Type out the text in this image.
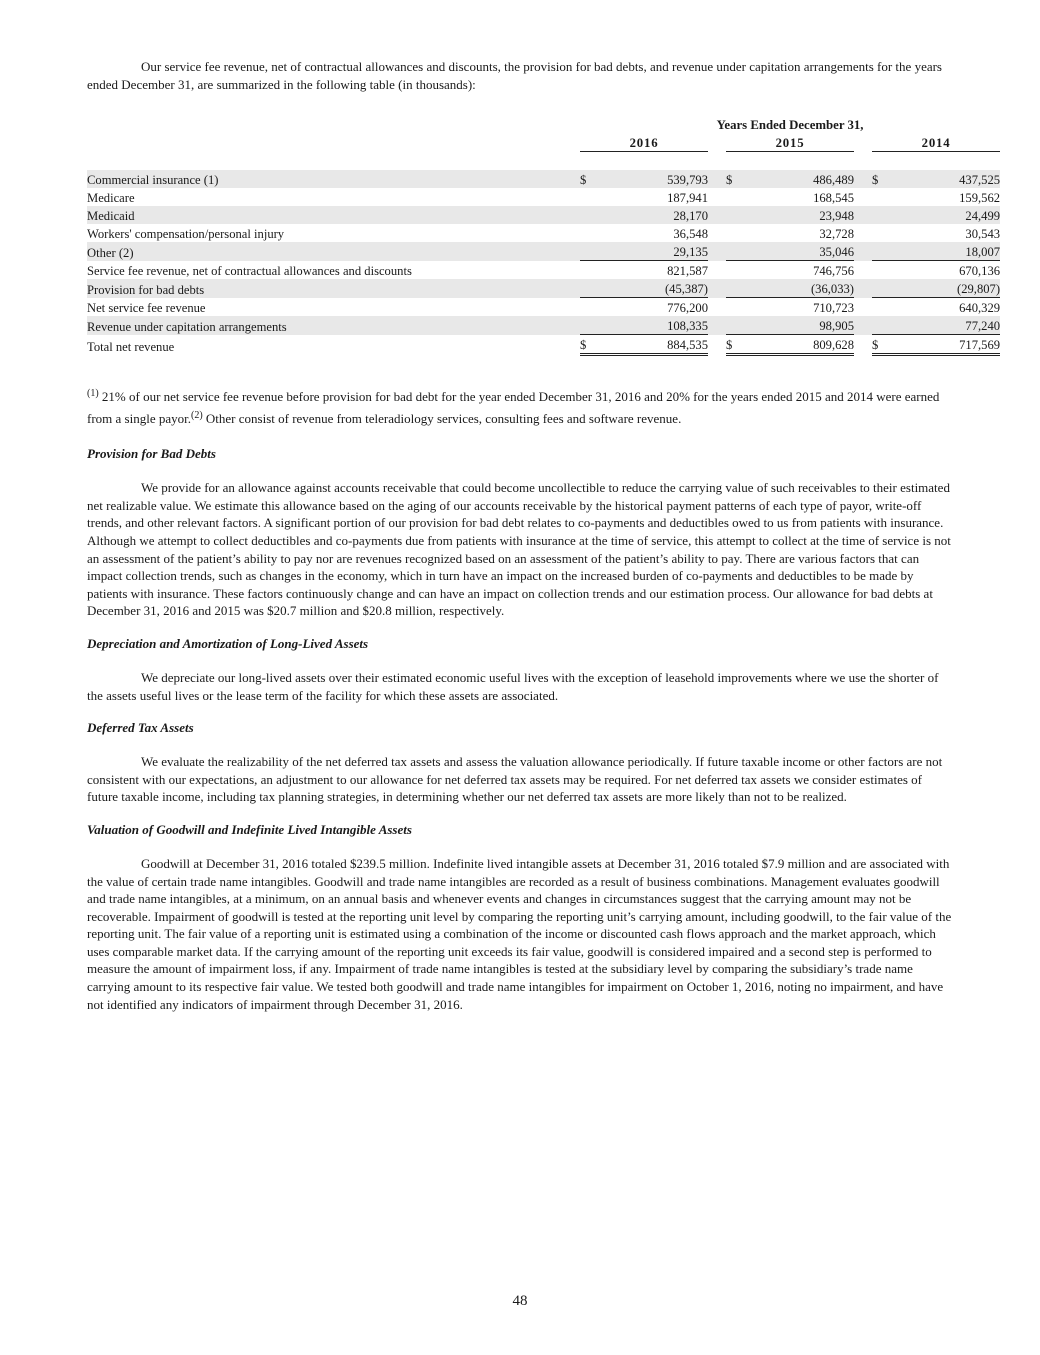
Our service fee revenue, net of contractual allowances and discounts, the provision for bad debts, and revenue under capitation arrangements for the years ended December 31, are summarized in the following table (in thousands):

	Years Ended December 31,							
	2016			2015			2014	

Commercial insurance (1)	$	539,793		$	486,489		$	437,525
Medicare		187,941			168,545			159,562
Medicaid		28,170			23,948			24,499
Workers' compensation/personal injury		36,548			32,728			30,543
Other (2)		29,135			35,046			18,007
Service fee revenue, net of contractual allowances and discounts		821,587			746,756			670,136
Provision for bad debts		(45,387)			(36,033)			(29,807)
Net service fee revenue		776,200			710,723			640,329
Revenue under capitation arrangements		108,335			98,905			77,240
Total net revenue	$	884,535		$	809,628		$	717,569

$^{(1)}$ 21% of our net service fee revenue before provision for bad debt for the year ended December 31, 2016 and 20% for the years ended 2015 and 2014 were earned from a single payor.$^{(2)}$ Other consist of revenue from teleradiology services, consulting fees and software revenue.

Provision for Bad Debts

We provide for an allowance against accounts receivable that could become uncollectible to reduce the carrying value of such receivables to their estimated net realizable value. We estimate this allowance based on the aging of our accounts receivable by the historical payment patterns of each type of payor, write-off trends, and other relevant factors. A significant portion of our provision for bad debt relates to co-payments and deductibles owed to us from patients with insurance. Although we attempt to collect deductibles and co-payments due from patients with insurance at the time of service, this attempt to collect at the time of service is not an assessment of the patient’s ability to pay nor are revenues recognized based on an assessment of the patient’s ability to pay. There are various factors that can impact collection trends, such as changes in the economy, which in turn have an impact on the increased burden of co-payments and deductibles to be made by patients with insurance. These factors continuously change and can have an impact on collection trends and our estimation process. Our allowance for bad debts at December 31, 2016 and 2015 was $20.7 million and $20.8 million, respectively.

Depreciation and Amortization of Long-Lived Assets

We depreciate our long-lived assets over their estimated economic useful lives with the exception of leasehold improvements where we use the shorter of the assets useful lives or the lease term of the facility for which these assets are associated.

Deferred Tax Assets

We evaluate the realizability of the net deferred tax assets and assess the valuation allowance periodically. If future taxable income or other factors are not consistent with our expectations, an adjustment to our allowance for net deferred tax assets may be required. For net deferred tax assets we consider estimates of future taxable income, including tax planning strategies, in determining whether our net deferred tax assets are more likely than not to be realized.

Valuation of Goodwill and Indefinite Lived Intangible Assets

Goodwill at December 31, 2016 totaled $239.5 million. Indefinite lived intangible assets at December 31, 2016 totaled $7.9 million and are associated with the value of certain trade name intangibles. Goodwill and trade name intangibles are recorded as a result of business combinations. Management evaluates goodwill and trade name intangibles, at a minimum, on an annual basis and whenever events and changes in circumstances suggest that the carrying amount may not be recoverable. Impairment of goodwill is tested at the reporting unit level by comparing the reporting unit’s carrying amount, including goodwill, to the fair value of the reporting unit. The fair value of a reporting unit is estimated using a combination of the income or discounted cash flows approach and the market approach, which uses comparable market data. If the carrying amount of the reporting unit exceeds its fair value, goodwill is considered impaired and a second step is performed to measure the amount of impairment loss, if any. Impairment of trade name intangibles is tested at the subsidiary level by comparing the subsidiary’s trade name carrying amount to its respective fair value. We tested both goodwill and trade name intangibles for impairment on October 1, 2016, noting no impairment, and have not identified any indicators of impairment through December 31, 2016.

48
